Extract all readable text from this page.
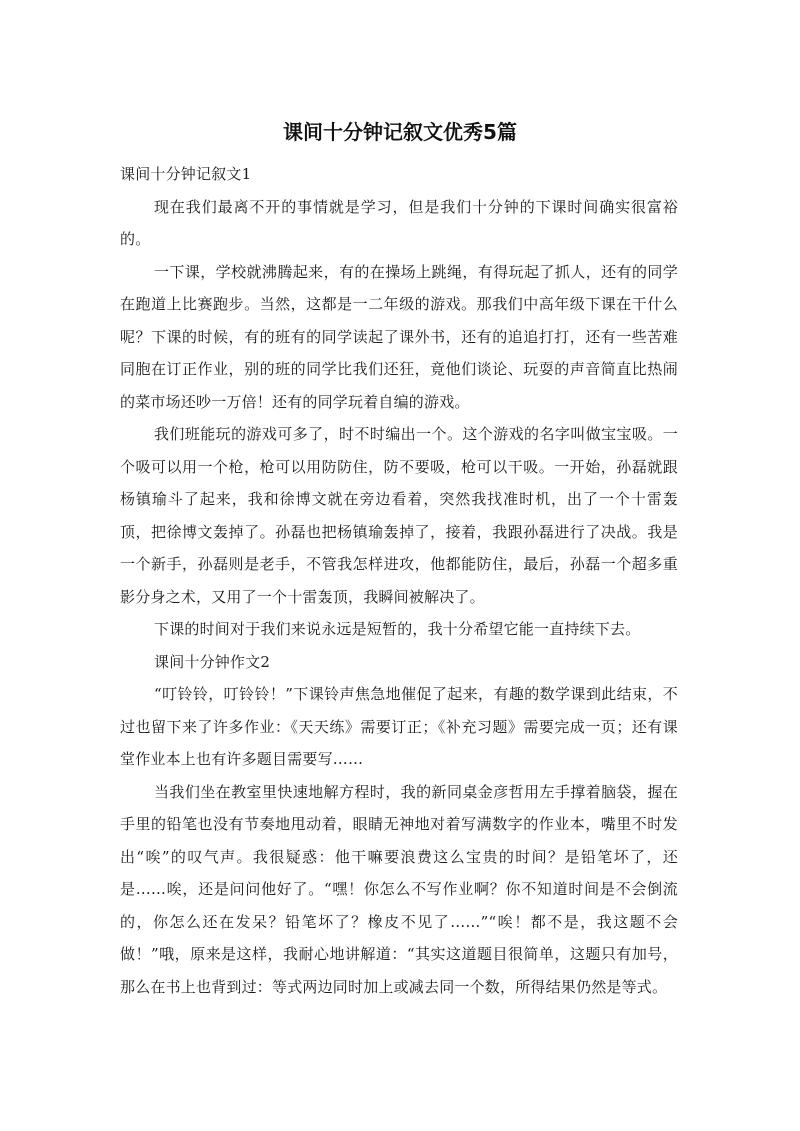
课间十分钟记叙文优秀5篇

课间十分钟记叙文1

现在我们最离不开的事情就是学习，但是我们十分钟的下课时间确实很富裕的。

一下课，学校就沸腾起来，有的在操场上跳绳，有得玩起了抓人，还有的同学在跑道上比赛跑步。当然，这都是一二年级的游戏。那我们中高年级下课在干什么呢？下课的时候，有的班有的同学读起了课外书，还有的追追打打，还有一些苦难同胞在订正作业，别的班的同学比我们还狂，竟他们谈论、玩耍的声音简直比热闹的菜市场还吵一万倍！还有的同学玩着自编的游戏。

我们班能玩的游戏可多了，时不时编出一个。这个游戏的名字叫做宝宝吸。一个吸可以用一个枪，枪可以用防防住，防不要吸，枪可以干吸。一开始，孙磊就跟杨镇瑜斗了起来，我和徐博文就在旁边看着，突然我找准时机，出了一个十雷轰顶，把徐博文轰掉了。孙磊也把杨镇瑜轰掉了，接着，我跟孙磊进行了决战。我是一个新手，孙磊则是老手，不管我怎样进攻，他都能防住，最后，孙磊一个超多重影分身之术，又用了一个十雷轰顶，我瞬间被解决了。

下课的时间对于我们来说永远是短暂的，我十分希望它能一直持续下去。

课间十分钟作文2

“叮铃铃，叮铃铃！”下课铃声焦急地催促了起来，有趣的数学课到此结束，不过也留下来了许多作业：《天天练》需要订正；《补充习题》需要完成一页；还有课堂作业本上也有许多题目需要写……

当我们坐在教室里快速地解方程时，我的新同桌金彦哲用左手撑着脑袋，握在手里的铅笔也没有节奏地甩动着，眼睛无神地对着写满数字的作业本，嘴里不时发出“唉”的叹气声。我很疑惑：他干嘛要浪费这么宝贵的时间？是铅笔坏了，还是……唉，还是问问他好了。“嘿！你怎么不写作业啊？你不知道时间是不会倒流的，你怎么还在发呆？铅笔坏了？橡皮不见了……”“唉！都不是，我这题不会做！”哦，原来是这样，我耐心地讲解道：“其实这道题目很简单，这题只有加号，那么在书上也背到过：等式两边同时加上或减去同一个数，所得结果仍然是等式。
